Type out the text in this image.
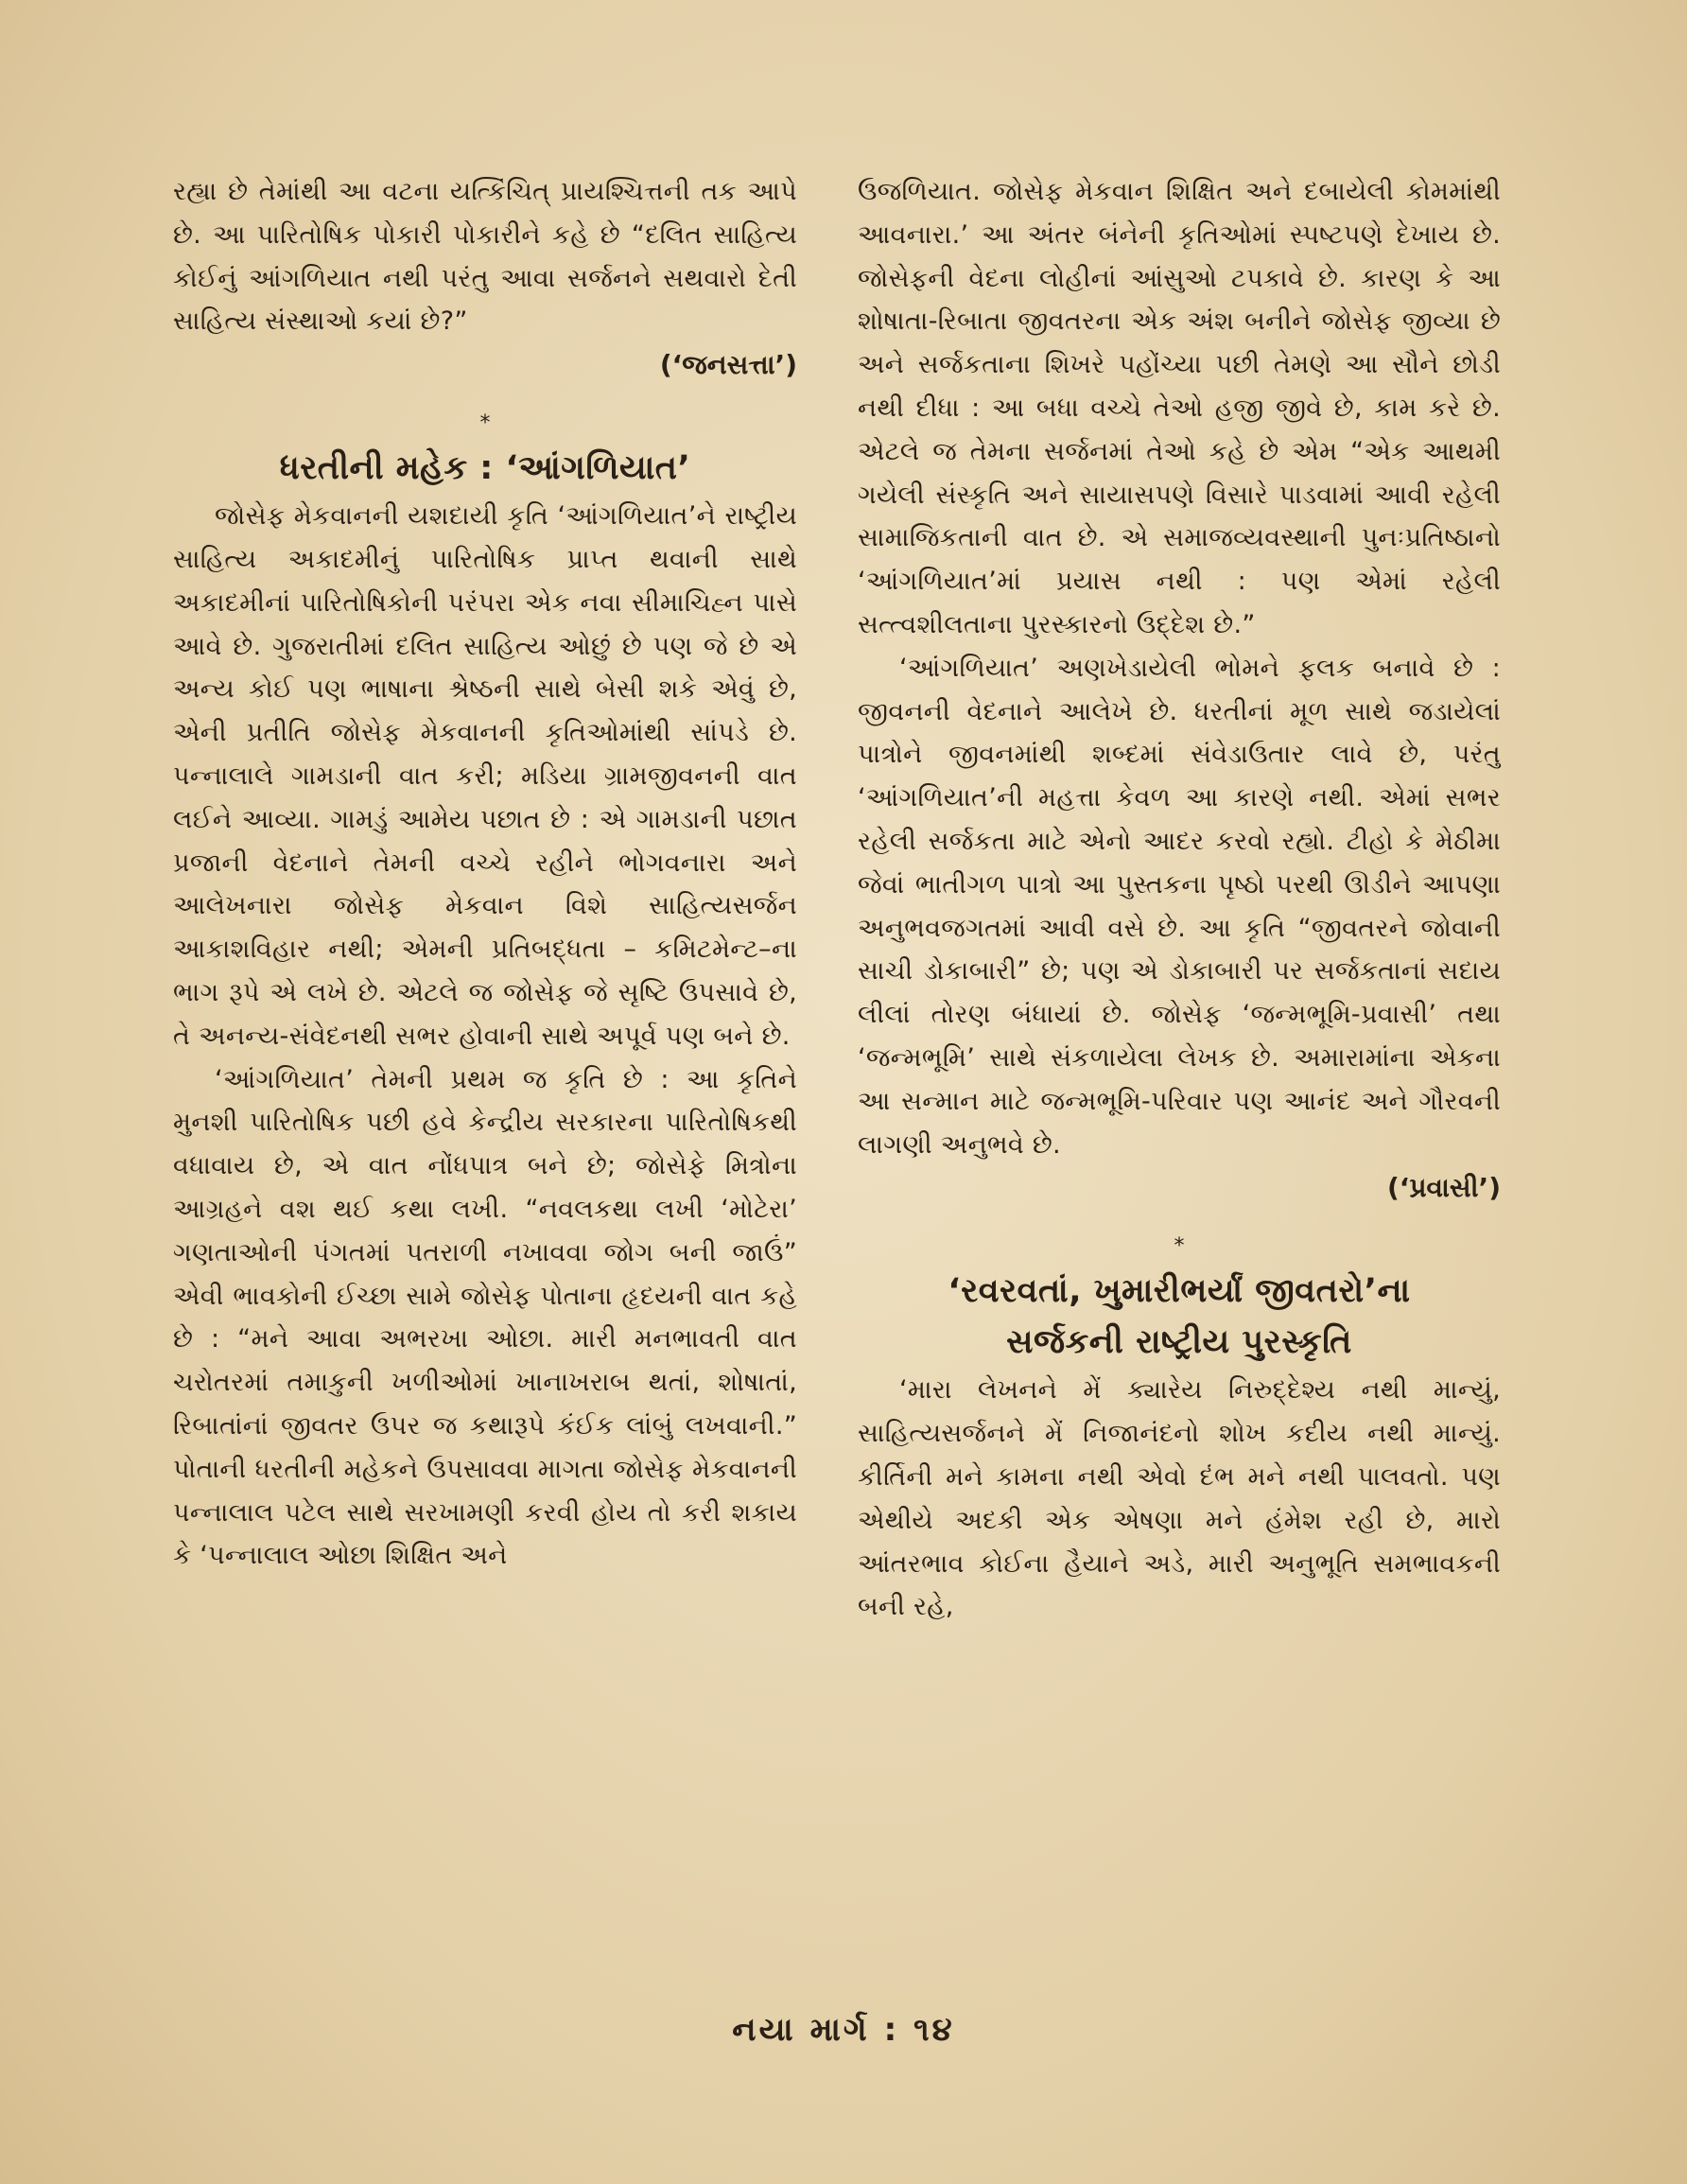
રહ્યા છે તેમાંથી આ વટના યત્કિંચિત્ પ્રાયશ્ચિત્તની તક આપે છે. આ પારિતોષિક પોકારી પોકારીને કહે છે “દલિત સાહિત્ય કોઈનું આંગળિયાત નથી પરંતુ આવા સર્જનને સથવારો દેતી સાહિત્ય સંસ્થાઓ કયાં છે?”

(‘જનસત્તા’)

*
ધરતીની મહેક : ‘આંગળિયાત’

જોસેફ મેકવાનની યશદાયી કૃતિ ‘આંગળિયાત’ને રાષ્ટ્રીય સાહિત્ય અકાદમીનું પારિતોષિક પ્રાપ્ત થવાની સાથે અકાદમીનાં પારિતોષિકોની પરંપરા એક નવા સીમાચિહ્ન પાસે આવે છે. ગુજરાતીમાં દલિત સાહિત્ય ઓછું છે પણ જે છે એ અન્ય કોઈ પણ ભાષાના શ્રેષ્ઠની સાથે બેસી શકે એવું છે, એની પ્રતીતિ જોસેફ મેકવાનની કૃતિઓમાંથી સાંપડે છે. પન્નાલાલે ગામડાની વાત કરી; મડિયા ગ્રામજીવનની વાત લઈને આવ્યા. ગામડું આમેય પછાત છે : એ ગામડાની પછાત પ્રજાની વેદનાને તેમની વચ્ચે રહીને ભોગવનારા અને આલેખનારા જોસેફ મેકવાન વિશે સાહિત્યસર્જન આકાશવિહાર નથી; એમની પ્રતિબદ્ધતા – કમિટમેન્ટ–ના ભાગ રૂપે એ લખે છે. એટલે જ જોસેફ જે સૃષ્ટિ ઉપસાવે છે, તે અનન્ય-સંવેદનથી સભર હોવાની સાથે અપૂર્વ પણ બને છે.

‘આંગળિયાત’ તેમની પ્રથમ જ કૃતિ છે : આ કૃતિને મુનશી પારિતોષિક પછી હવે કેન્દ્રીય સરકારના પારિતોષિકથી વધાવાય છે, એ વાત નોંધપાત્ર બને છે; જોસેફે મિત્રોના આગ્રહને વશ થઈ કથા લખી. “નવલકથા લખી ‘મોટેરા’ ગણતાઓની પંગતમાં પતરાળી નખાવવા જોગ બની જાઉં” એવી ભાવકોની ઈચ્છા સામે જોસેફ પોતાના હૃદયની વાત કહે છે : “મને આવા અભરખા ઓછા. મારી મનભાવતી વાત ચરોતરમાં તમાકુની ખળીઓમાં ખાનાખરાબ થતાં, શોષાતાં, રિબાતાંનાં જીવતર ઉપર જ કથારૂપે કંઈક લાંબું લખવાની.” પોતાની ધરતીની મહેકને ઉપસાવવા માગતા જોસેફ મેકવાનની પન્નાલાલ પટેલ સાથે સરખામણી કરવી હોય તો કરી શકાય કે ‘પન્નાલાલ ઓછા શિક્ષિત અને

ઉજળિયાત. જોસેફ મેકવાન શિક્ષિત અને દબાયેલી કોમમાંથી આવનારા.’ આ અંતર બંનેની કૃતિઓમાં સ્પષ્ટપણે દેખાય છે. જોસેફની વેદના લોહીનાં આંસુઓ ટપકાવે છે. કારણ કે આ શોષાતા-રિબાતા જીવતરના એક અંશ બનીને જોસેફ જીવ્યા છે અને સર્જકતાના શિખરે પહોંચ્યા પછી તેમણે આ સૌને છોડી નથી દીધા : આ બધા વચ્ચે તેઓ હજી જીવે છે, કામ કરે છે. એટલે જ તેમના સર્જનમાં તેઓ કહે છે એમ “એક આથમી ગયેલી સંસ્કૃતિ અને સાયાસપણે વિસારે પાડવામાં આવી રહેલી સામાજિકતાની વાત છે. એ સમાજવ્યવસ્થાની પુનઃપ્રતિષ્ઠાનો ‘આંગળિયાત’માં પ્રયાસ નથી : પણ એમાં રહેલી સત્ત્વશીલતાના પુરસ્કારનો ઉદ્દેશ છે.”

‘આંગળિયાત’ અણખેડાયેલી ભોમને ફલક બનાવે છે : જીવનની વેદનાને આલેખે છે. ધરતીનાં મૂળ સાથે જડાયેલાં પાત્રોને જીવનમાંથી શબ્દમાં સંવેડાઉતાર લાવે છે, પરંતુ ‘આંગળિયાત’ની મહત્તા કેવળ આ કારણે નથી. એમાં સભર રહેલી સર્જકતા માટે એનો આદર કરવો રહ્યો. ટીહો કે મેઠીમા જેવાં ભાતીગળ પાત્રો આ પુસ્તકના પૃષ્ઠો પરથી ઊડીને આપણા અનુભવજગતમાં આવી વસે છે. આ કૃતિ “જીવતરને જોવાની સાચી ડોકાબારી” છે; પણ એ ડોકાબારી પર સર્જકતાનાં સદાય લીલાં તોરણ બંધાયાં છે. જોસેફ ‘જન્મભૂમિ-પ્રવાસી’ તથા ‘જન્મભૂમિ’ સાથે સંકળાયેલા લેખક છે. અમારામાંના એકના આ સન્માન માટે જન્મભૂમિ-પરિવાર પણ આનંદ અને ગૌરવની લાગણી અનુભવે છે.

(‘પ્રવાસી’)

*
‘રવરવતાં, ખુમારીભર્યાં જીવતરો’ના
સર્જકની રાષ્ટ્રીય પુરસ્કૃતિ

‘મારા લેખનને મેં ક્યારેય નિરુદ્દેશ્ય નથી માન્યું, સાહિત્યસર્જનને મેં નિજાનંદનો શોખ કદીય નથી માન્યું. કીર્તિની મને કામના નથી એવો દંભ મને નથી પાલવતો. પણ એથીયે અદકી એક એષણા મને હંમેશ રહી છે, મારો આંતરભાવ કોઈના હૈયાને અડે, મારી અનુભૂતિ સમભાવકની બની રહે,

નયા માર્ગ : ૧૪
